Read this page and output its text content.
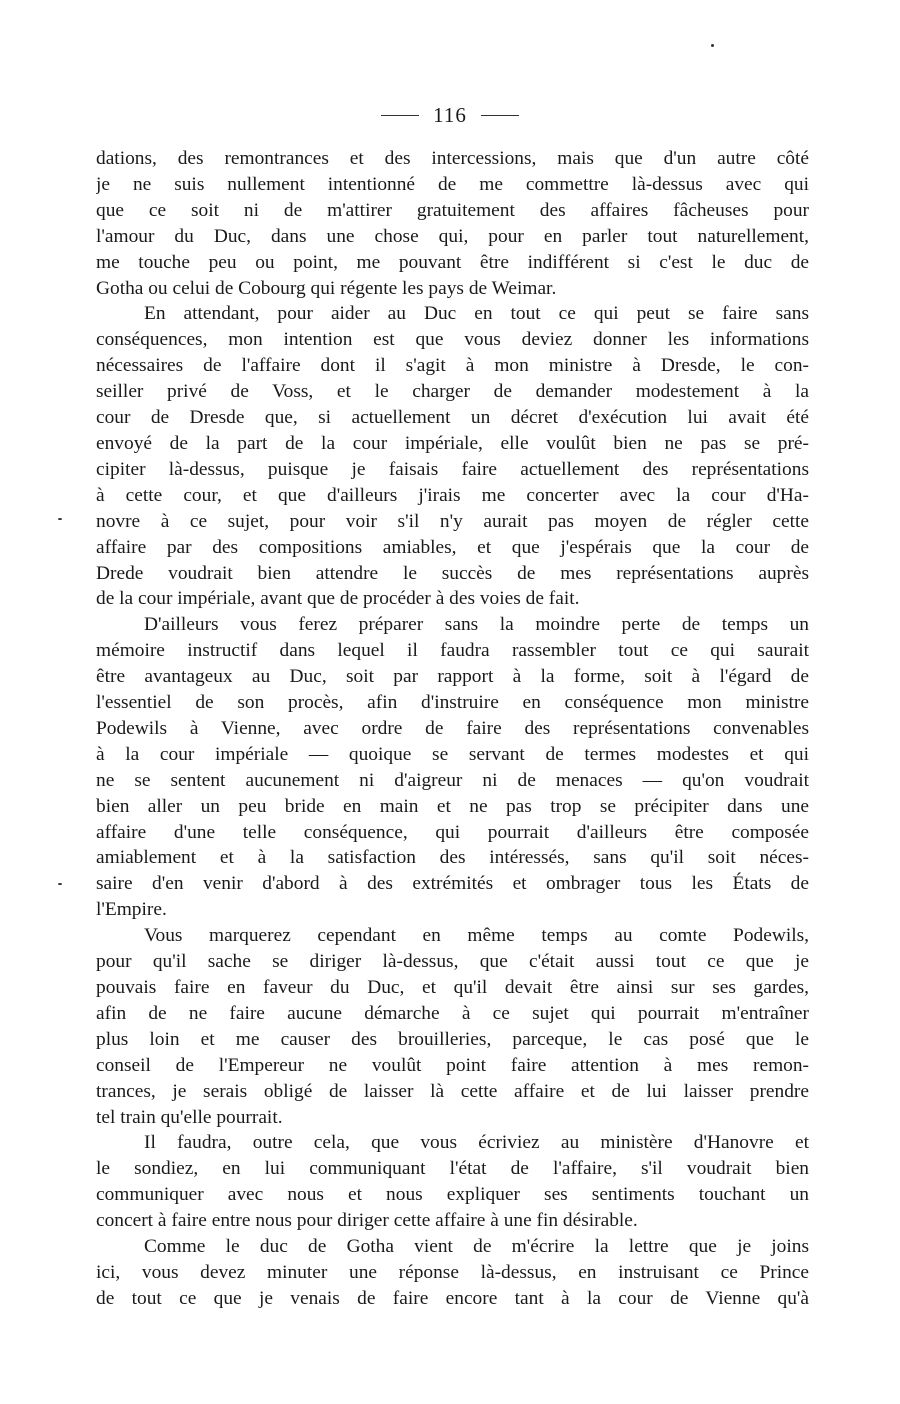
116
dations, des remontrances et des intercessions, mais que d'un autre côté
je ne suis nullement intentionné de me commettre là-dessus avec qui
que ce soit ni de m'attirer gratuitement des affaires fâcheuses pour
l'amour du Duc, dans une chose qui, pour en parler tout naturellement,
me touche peu ou point, me pouvant être indifférent si c'est le duc de
Gotha ou celui de Cobourg qui régente les pays de Weimar.
En attendant, pour aider au Duc en tout ce qui peut se faire sans
conséquences, mon intention est que vous deviez donner les informations
nécessaires de l'affaire dont il s'agit à mon ministre à Dresde, le con-
seiller privé de Voss, et le charger de demander modestement à la
cour de Dresde que, si actuellement un décret d'exécution lui avait été
envoyé de la part de la cour impériale, elle voulût bien ne pas se pré-
cipiter là-dessus, puisque je faisais faire actuellement des représentations
à cette cour, et que d'ailleurs j'irais me concerter avec la cour d'Ha-
novre à ce sujet, pour voir s'il n'y aurait pas moyen de régler cette
affaire par des compositions amiables, et que j'espérais que la cour de
Drede voudrait bien attendre le succès de mes représentations auprès
de la cour impériale, avant que de procéder à des voies de fait.
D'ailleurs vous ferez préparer sans la moindre perte de temps un
mémoire instructif dans lequel il faudra rassembler tout ce qui saurait
être avantageux au Duc, soit par rapport à la forme, soit à l'égard de
l'essentiel de son procès, afin d'instruire en conséquence mon ministre
Podewils à Vienne, avec ordre de faire des représentations convenables
à la cour impériale — quoique se servant de termes modestes et qui
ne se sentent aucunement ni d'aigreur ni de menaces — qu'on voudrait
bien aller un peu bride en main et ne pas trop se précipiter dans une
affaire d'une telle conséquence, qui pourrait d'ailleurs être composée
amiablement et à la satisfaction des intéressés, sans qu'il soit néces-
saire d'en venir d'abord à des extrémités et ombrager tous les États de
l'Empire.
Vous marquerez cependant en même temps au comte Podewils,
pour qu'il sache se diriger là-dessus, que c'était aussi tout ce que je
pouvais faire en faveur du Duc, et qu'il devait être ainsi sur ses gardes,
afin de ne faire aucune démarche à ce sujet qui pourrait m'entraîner
plus loin et me causer des brouilleries, parceque, le cas posé que le
conseil de l'Empereur ne voulût point faire attention à mes remon-
trances, je serais obligé de laisser là cette affaire et de lui laisser prendre
tel train qu'elle pourrait.
Il faudra, outre cela, que vous écriviez au ministère d'Hanovre et
le sondiez, en lui communiquant l'état de l'affaire, s'il voudrait bien
communiquer avec nous et nous expliquer ses sentiments touchant un
concert à faire entre nous pour diriger cette affaire à une fin désirable.
Comme le duc de Gotha vient de m'écrire la lettre que je joins
ici, vous devez minuter une réponse là-dessus, en instruisant ce Prince
de tout ce que je venais de faire encore tant à la cour de Vienne qu'à
